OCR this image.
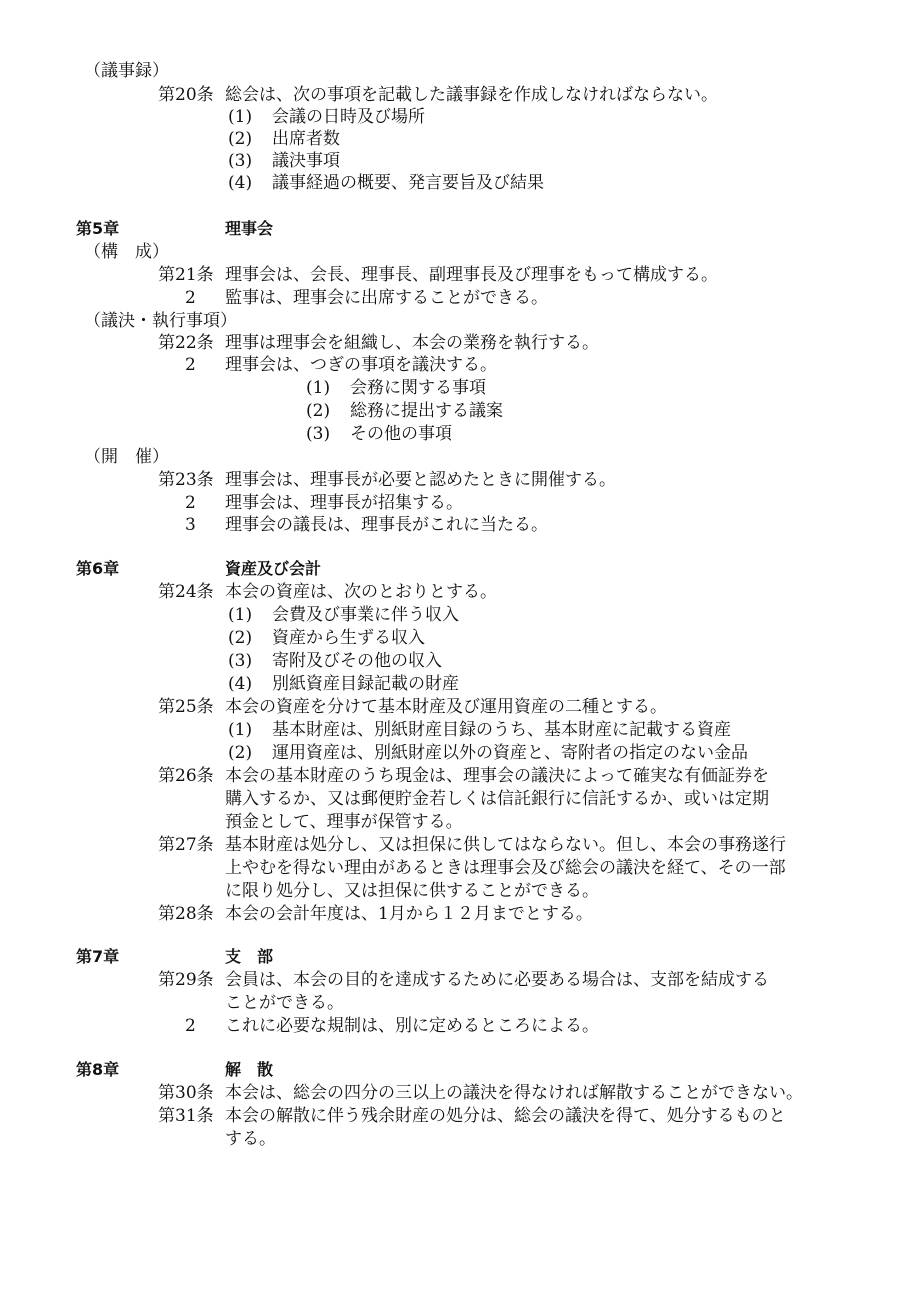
（議事録）
第20条 総会は、次の事項を記載した議事録を作成しなければならない。
(1) 会議の日時及び場所
(2) 出席者数
(3) 議決事項
(4) 議事経過の概要、発言要旨及び結果
第5章	理事会
（構　成）
第21条 理事会は、会長、理事長、副理事長及び理事をもって構成する。
2 監事は、理事会に出席することができる。
（議決・執行事項）
第22条 理事は理事会を組織し、本会の業務を執行する。
2 理事会は、つぎの事項を議決する。
(1) 会務に関する事項
(2) 総務に提出する議案
(3) その他の事項
（開　催）
第23条 理事会は、理事長が必要と認めたときに開催する。
2 理事会は、理事長が招集する。
3 理事会の議長は、理事長がこれに当たる。
第6章	資産及び会計
第24条 本会の資産は、次のとおりとする。
(1) 会費及び事業に伴う収入
(2) 資産から生ずる収入
(3) 寄附及びその他の収入
(4) 別紙資産目録記載の財産
第25条 本会の資産を分けて基本財産及び運用資産の二種とする。
(1) 基本財産は、別紙財産目録のうち、基本財産に記載する資産
(2) 運用資産は、別紙財産以外の資産と、寄附者の指定のない金品
第26条 本会の基本財産のうち現金は、理事会の議決によって確実な有価証券を
購入するか、又は郵便貯金若しくは信託銀行に信託するか、或いは定期
預金として、理事が保管する。
第27条 基本財産は処分し、又は担保に供してはならない。但し、本会の事務遂行
上やむを得ない理由があるときは理事会及び総会の議決を経て、その一部
に限り処分し、又は担保に供することができる。
第28条 本会の会計年度は、1月から１２月までとする。
第7章	支　部
第29条 会員は、本会の目的を達成するために必要ある場合は、支部を結成する
ことができる。
2 これに必要な規制は、別に定めるところによる。
第8章	解　散
第30条 本会は、総会の四分の三以上の議決を得なければ解散することができない。
第31条 本会の解散に伴う残余財産の処分は、総会の議決を得て、処分するものと
する。
